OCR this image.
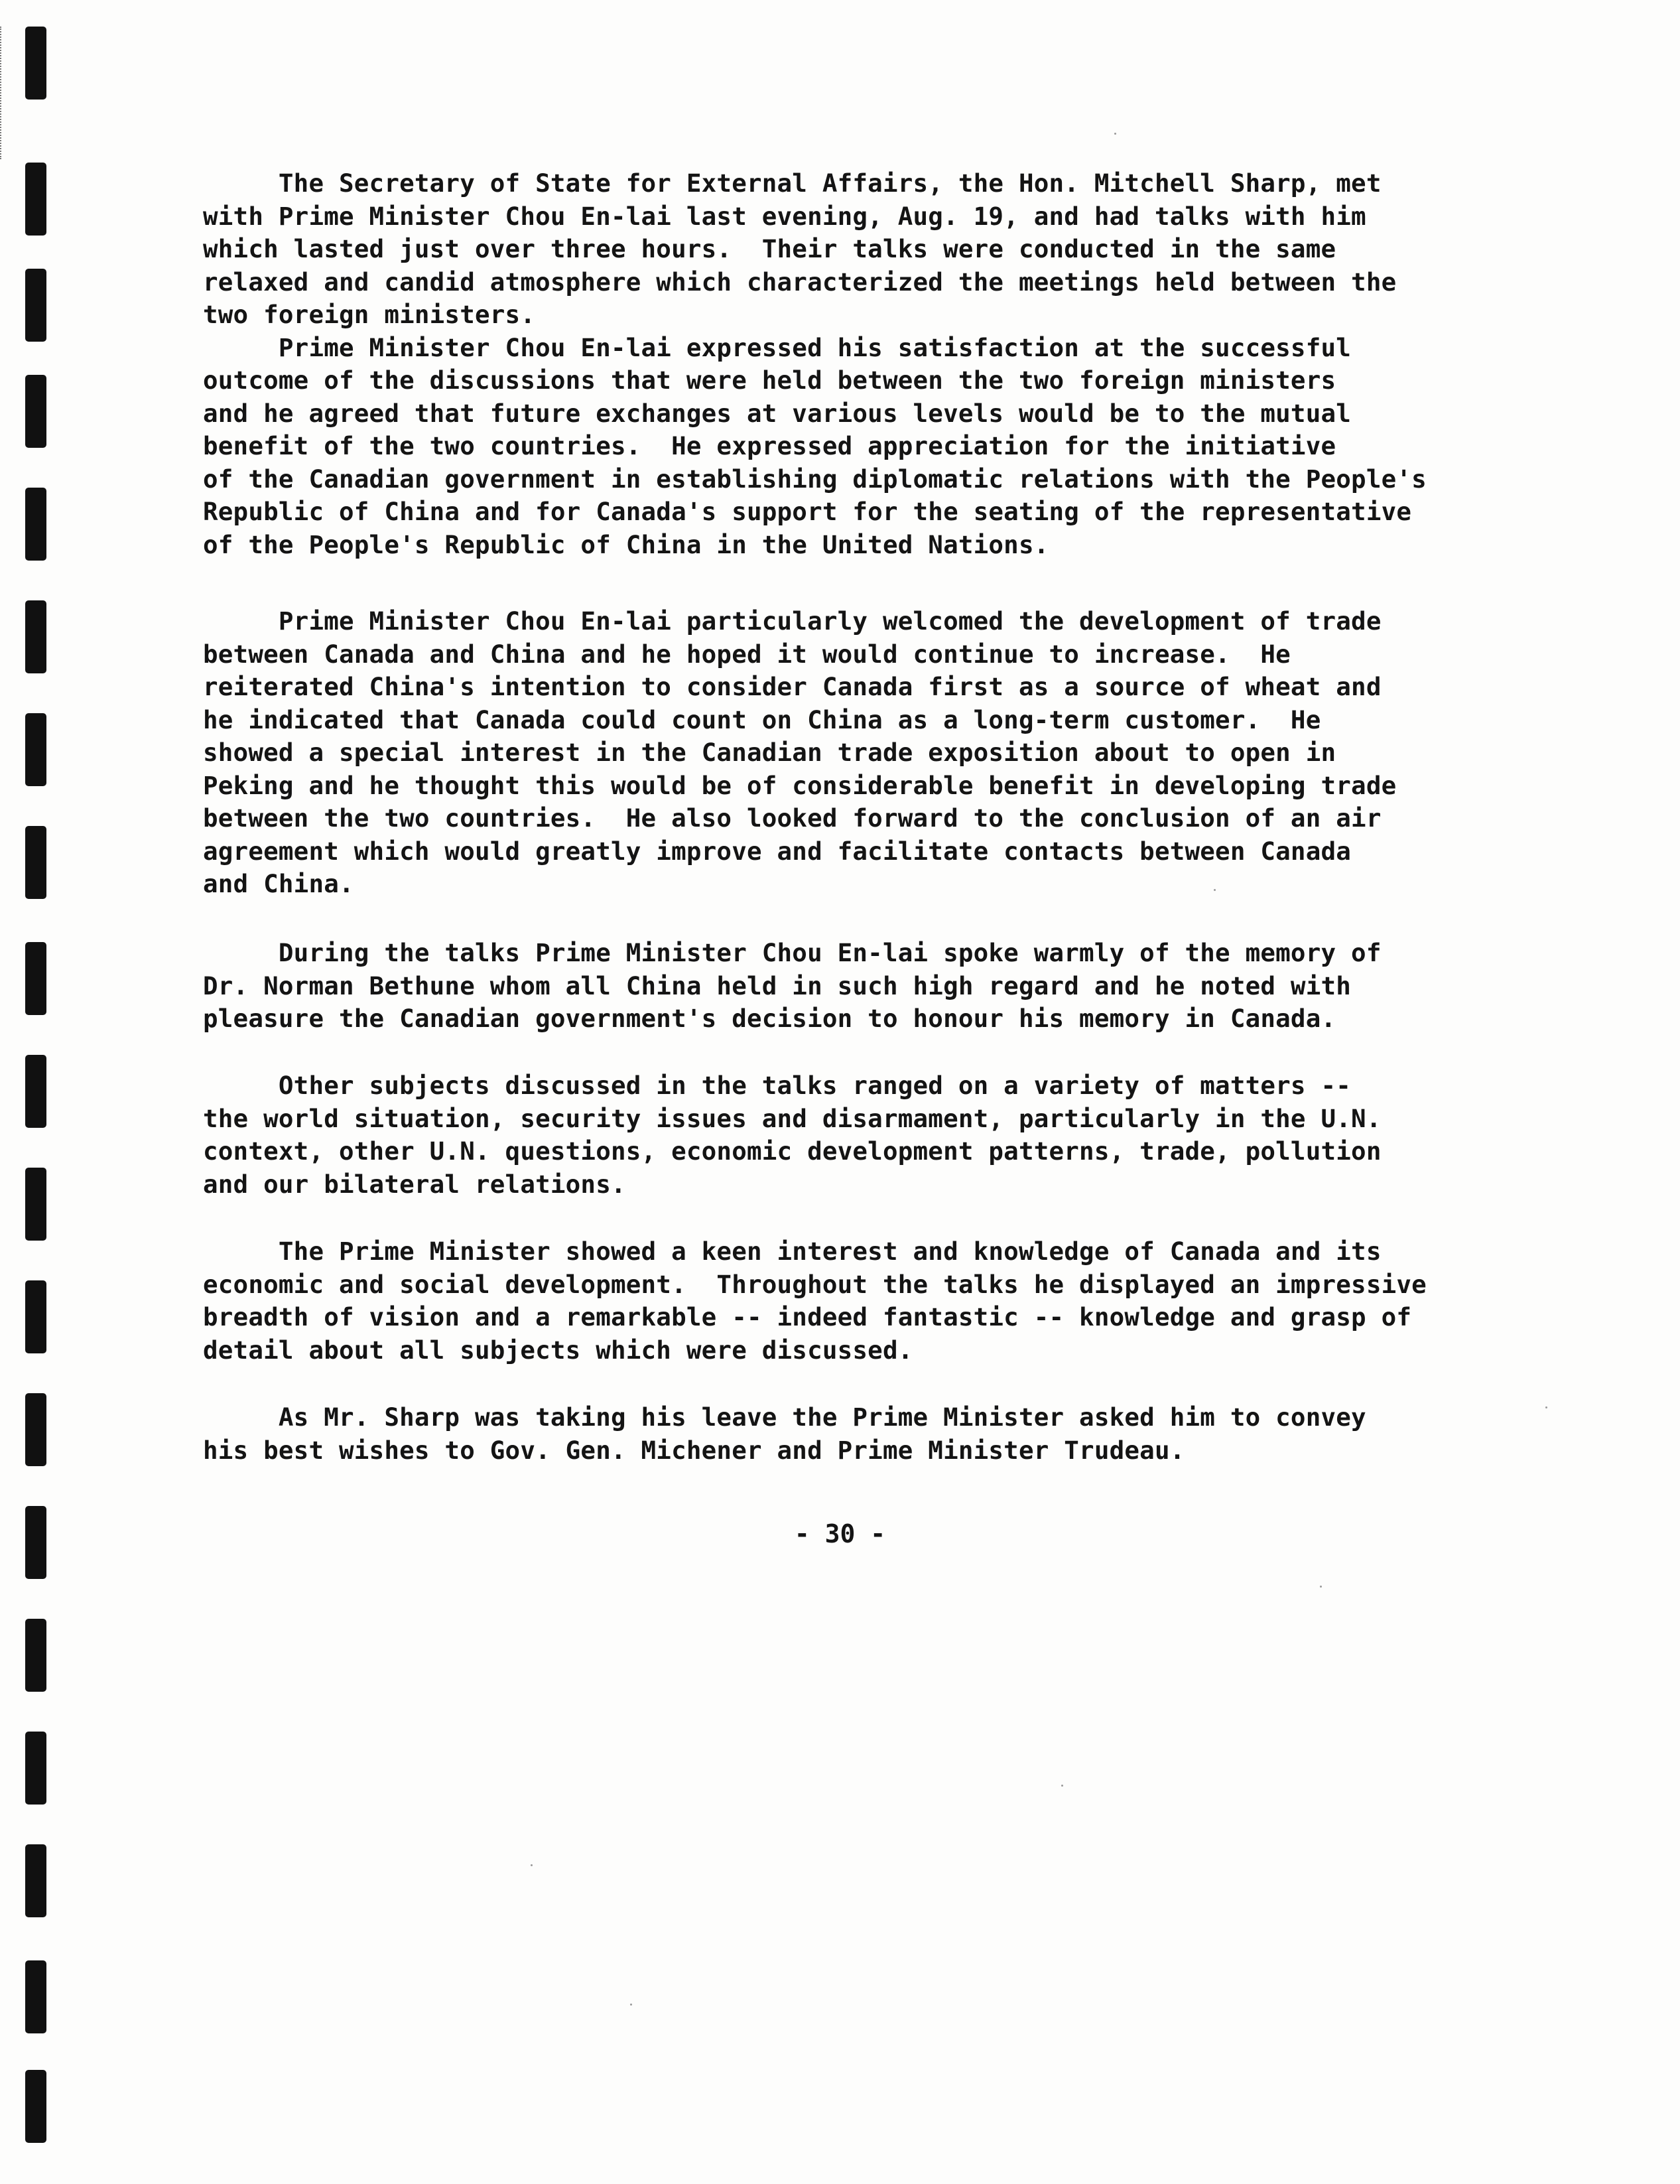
The Secretary of State for External Affairs, the Hon. Mitchell Sharp, met
with Prime Minister Chou En-lai last evening, Aug. 19, and had talks with him
which lasted just over three hours.  Their talks were conducted in the same
relaxed and candid atmosphere which characterized the meetings held between the
two foreign ministers.
Prime Minister Chou En-lai expressed his satisfaction at the successful
outcome of the discussions that were held between the two foreign ministers
and he agreed that future exchanges at various levels would be to the mutual
benefit of the two countries.  He expressed appreciation for the initiative
of the Canadian government in establishing diplomatic relations with the People's
Republic of China and for Canada's support for the seating of the representative
of the People's Republic of China in the United Nations.
Prime Minister Chou En-lai particularly welcomed the development of trade
between Canada and China and he hoped it would continue to increase.  He
reiterated China's intention to consider Canada first as a source of wheat and
he indicated that Canada could count on China as a long-term customer.  He
showed a special interest in the Canadian trade exposition about to open in
Peking and he thought this would be of considerable benefit in developing trade
between the two countries.  He also looked forward to the conclusion of an air
agreement which would greatly improve and facilitate contacts between Canada
and China.
During the talks Prime Minister Chou En-lai spoke warmly of the memory of
Dr. Norman Bethune whom all China held in such high regard and he noted with
pleasure the Canadian government's decision to honour his memory in Canada.
Other subjects discussed in the talks ranged on a variety of matters --
the world situation, security issues and disarmament, particularly in the U.N.
context, other U.N. questions, economic development patterns, trade, pollution
and our bilateral relations.
The Prime Minister showed a keen interest and knowledge of Canada and its
economic and social development.  Throughout the talks he displayed an impressive
breadth of vision and a remarkable -- indeed fantastic -- knowledge and grasp of
detail about all subjects which were discussed.
As Mr. Sharp was taking his leave the Prime Minister asked him to convey
his best wishes to Gov. Gen. Michener and Prime Minister Trudeau.
- 30 -
